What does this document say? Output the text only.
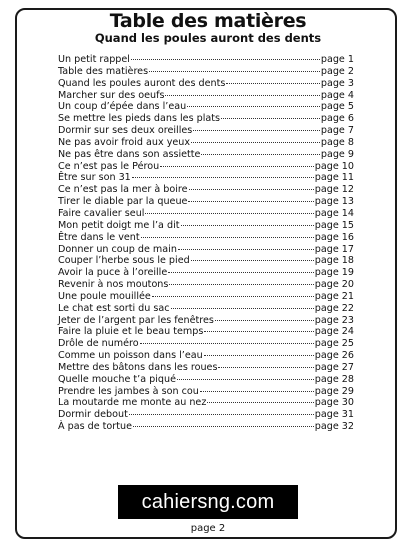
Table des matières
Quand les poules auront des dents
Un petit rappel	page 1
Table des matières	page 2
Quand les poules auront des dents	page 3
Marcher sur des oeufs	page 4
Un coup d’épée dans l’eau	page 5
Se mettre les pieds dans les plats	page 6
Dormir sur ses deux oreilles	page 7
Ne pas avoir froid aux yeux	page 8
Ne pas être dans son assiette	page 9
Ce n’est pas le Pérou	page 10
Être sur son 31	page 11
Ce n’est pas la mer à boire	page 12
Tirer le diable par la queue	page 13
Faire cavalier seul	page 14
Mon petit doigt me l’a dit	page 15
Être dans le vent	page 16
Donner un coup de main	page 17
Couper l’herbe sous le pied	page 18
Avoir la puce à l’oreille	page 19
Revenir à nos moutons	page 20
Une poule mouillée	page 21
Le chat est sorti du sac	page 22
Jeter de l’argent par les fenêtres	page 23
Faire la pluie et le beau temps	page 24
Drôle de numéro	page 25
Comme un poisson dans l’eau	page 26
Mettre des bâtons dans les roues	page 27
Quelle mouche t’a piqué	page 28
Prendre les jambes à son cou	page 29
La moutarde me monte au nez	page 30
Dormir debout	page 31
À pas de tortue	page 32
cahiersng.com
page 2
